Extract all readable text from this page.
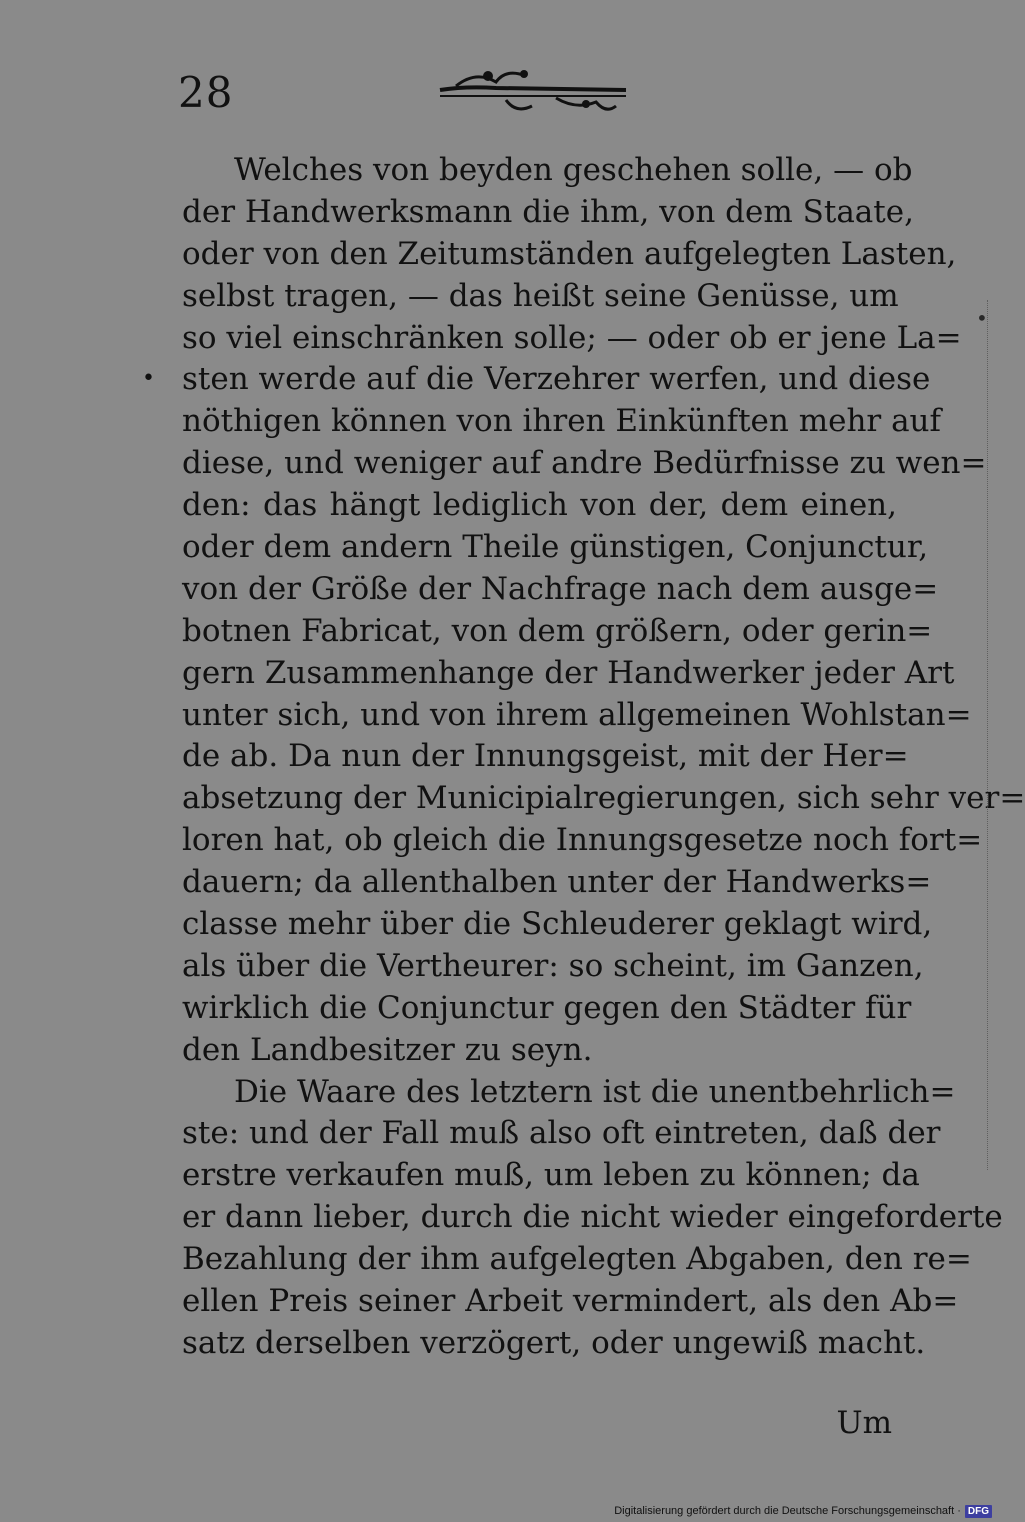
28
•
Welches von beyden geschehen solle, — ob
der Handwerksmann die ihm, von dem Staate,
oder von den Zeitumständen aufgelegten Lasten,
selbst tragen, — das heißt seine Genüsse, um
so viel einschränken solle; — oder ob er jene La=
sten werde auf die Verzehrer werfen, und diese
nöthigen können von ihren Einkünften mehr auf
diese, und weniger auf andre Bedürfnisse zu wen=
den: das hängt lediglich von der, dem einen,
oder dem andern Theile günstigen, Conjunctur,
von der Größe der Nachfrage nach dem ausge=
botnen Fabricat, von dem größern, oder gerin=
gern Zusammenhange der Handwerker jeder Art
unter sich, und von ihrem allgemeinen Wohlstan=
de ab. Da nun der Innungsgeist, mit der Her=
absetzung der Municipialregierungen, sich sehr ver=
loren hat, ob gleich die Innungsgesetze noch fort=
dauern; da allenthalben unter der Handwerks=
classe mehr über die Schleuderer geklagt wird,
als über die Vertheurer: so scheint, im Ganzen,
wirklich die Conjunctur gegen den Städter für
den Landbesitzer zu seyn.
Die Waare des letztern ist die unentbehrlich=
ste: und der Fall muß also oft eintreten, daß der
erstre verkaufen muß, um leben zu können; da
er dann lieber, durch die nicht wieder eingeforderte
Bezahlung der ihm aufgelegten Abgaben, den re=
ellen Preis seiner Arbeit vermindert, als den Ab=
satz derselben verzögert, oder ungewiß macht.
Um
•
Digitalisierung gefördert durch die Deutsche Forschungsgemeinschaft · DFG
